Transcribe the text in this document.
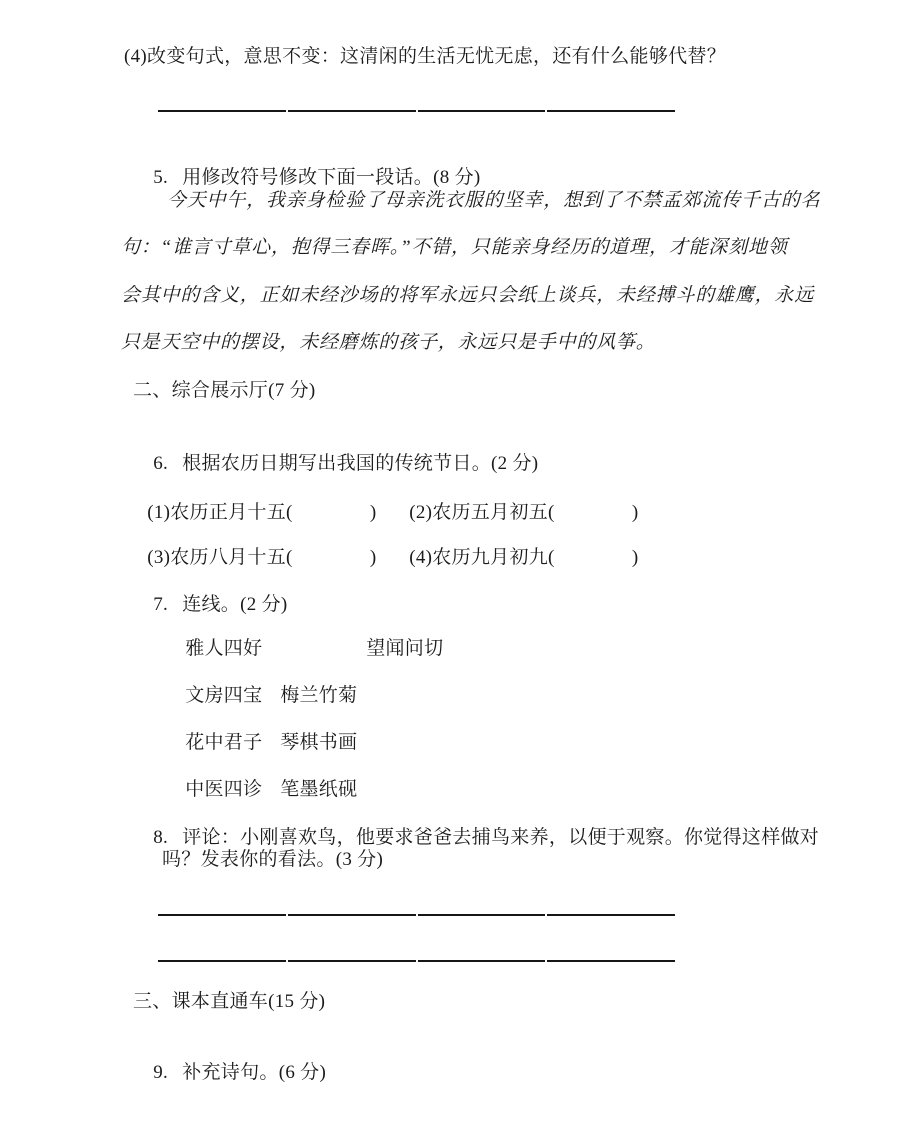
(4)改变句式，意思不变：这清闲的生活无忧无虑，还有什么能够代替？

5. 用修改符号修改下面一段话。(8 分)

今天中午，我亲身检验了母亲洗衣服的坚幸，想到了不禁孟郊流传千古的名
句：“谁言寸草心，抱得三春晖。”不错，只能亲身经历的道理，才能深刻地领
会其中的含义，正如未经沙场的将军永远只会纸上谈兵，未经搏斗的雄鹰，永远
只是天空中的摆设，未经磨炼的孩子，永远只是手中的风筝。
二、综合展示厅(7 分)

6. 根据农历日期写出我国的传统节日。(2 分)

(1)农历正月十五(　　　　) (2)农历五月初五(　　　　)

(3)农历八月十五(　　　　) (4)农历九月初九(　　　　)

7. 连线。(2 分)

雅人四好	望闻问切

文房四宝 梅兰竹菊

花中君子 琴棋书画

中医四诊 笔墨纸砚

8. 评论：小刚喜欢鸟，他要求爸爸去捕鸟来养，以便于观察。你觉得这样做对

吗？发表你的看法。(3 分)
三、课本直通车(15 分)

9. 补充诗句。(6 分)
